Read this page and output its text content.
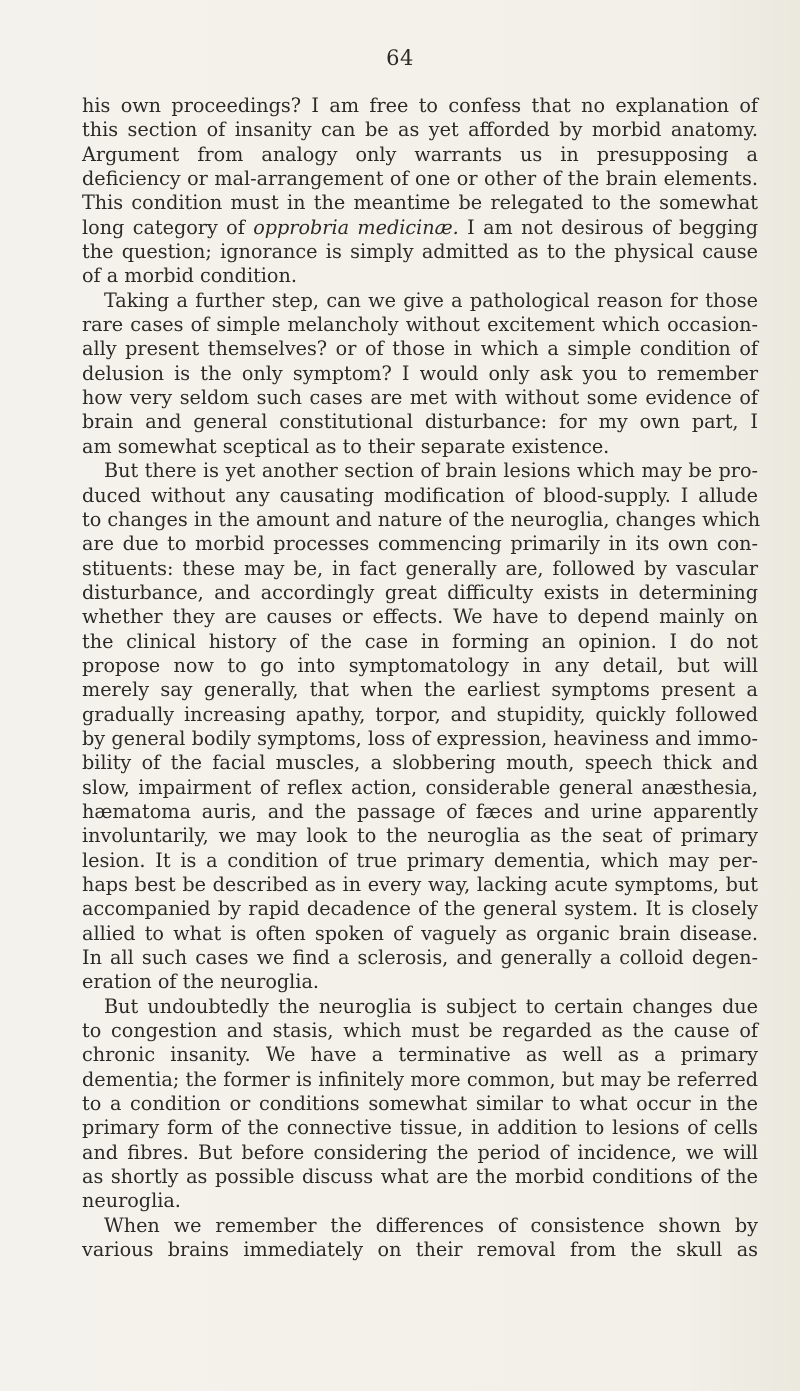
64
his own proceedings? I am free to confess that no explanation of
this section of insanity can be as yet afforded by morbid anatomy.
Argument from analogy only warrants us in presupposing a
deficiency or mal-arrangement of one or other of the brain elements.
This condition must in the meantime be relegated to the somewhat
long category of opprobria medicinæ. I am not desirous of begging
the question; ignorance is simply admitted as to the physical cause
of a morbid condition.
Taking a further step, can we give a pathological reason for those
rare cases of simple melancholy without excitement which occasion-
ally present themselves? or of those in which a simple condition of
delusion is the only symptom? I would only ask you to remember
how very seldom such cases are met with without some evidence of
brain and general constitutional disturbance: for my own part, I
am somewhat sceptical as to their separate existence.
But there is yet another section of brain lesions which may be pro-
duced without any causating modification of blood-supply. I allude
to changes in the amount and nature of the neuroglia, changes which
are due to morbid processes commencing primarily in its own con-
stituents: these may be, in fact generally are, followed by vascular
disturbance, and accordingly great difficulty exists in determining
whether they are causes or effects. We have to depend mainly on
the clinical history of the case in forming an opinion. I do not
propose now to go into symptomatology in any detail, but will
merely say generally, that when the earliest symptoms present a
gradually increasing apathy, torpor, and stupidity, quickly followed
by general bodily symptoms, loss of expression, heaviness and immo-
bility of the facial muscles, a slobbering mouth, speech thick and
slow, impairment of reflex action, considerable general anæsthesia,
hæmatoma auris, and the passage of fæces and urine apparently
involuntarily, we may look to the neuroglia as the seat of primary
lesion. It is a condition of true primary dementia, which may per-
haps best be described as in every way, lacking acute symptoms, but
accompanied by rapid decadence of the general system. It is closely
allied to what is often spoken of vaguely as organic brain disease.
In all such cases we find a sclerosis, and generally a colloid degen-
eration of the neuroglia.
But undoubtedly the neuroglia is subject to certain changes due
to congestion and stasis, which must be regarded as the cause of
chronic insanity. We have a terminative as well as a primary
dementia; the former is infinitely more common, but may be referred
to a condition or conditions somewhat similar to what occur in the
primary form of the connective tissue, in addition to lesions of cells
and fibres. But before considering the period of incidence, we will
as shortly as possible discuss what are the morbid conditions of the
neuroglia.
When we remember the differences of consistence shown by
various brains immediately on their removal from the skull as
